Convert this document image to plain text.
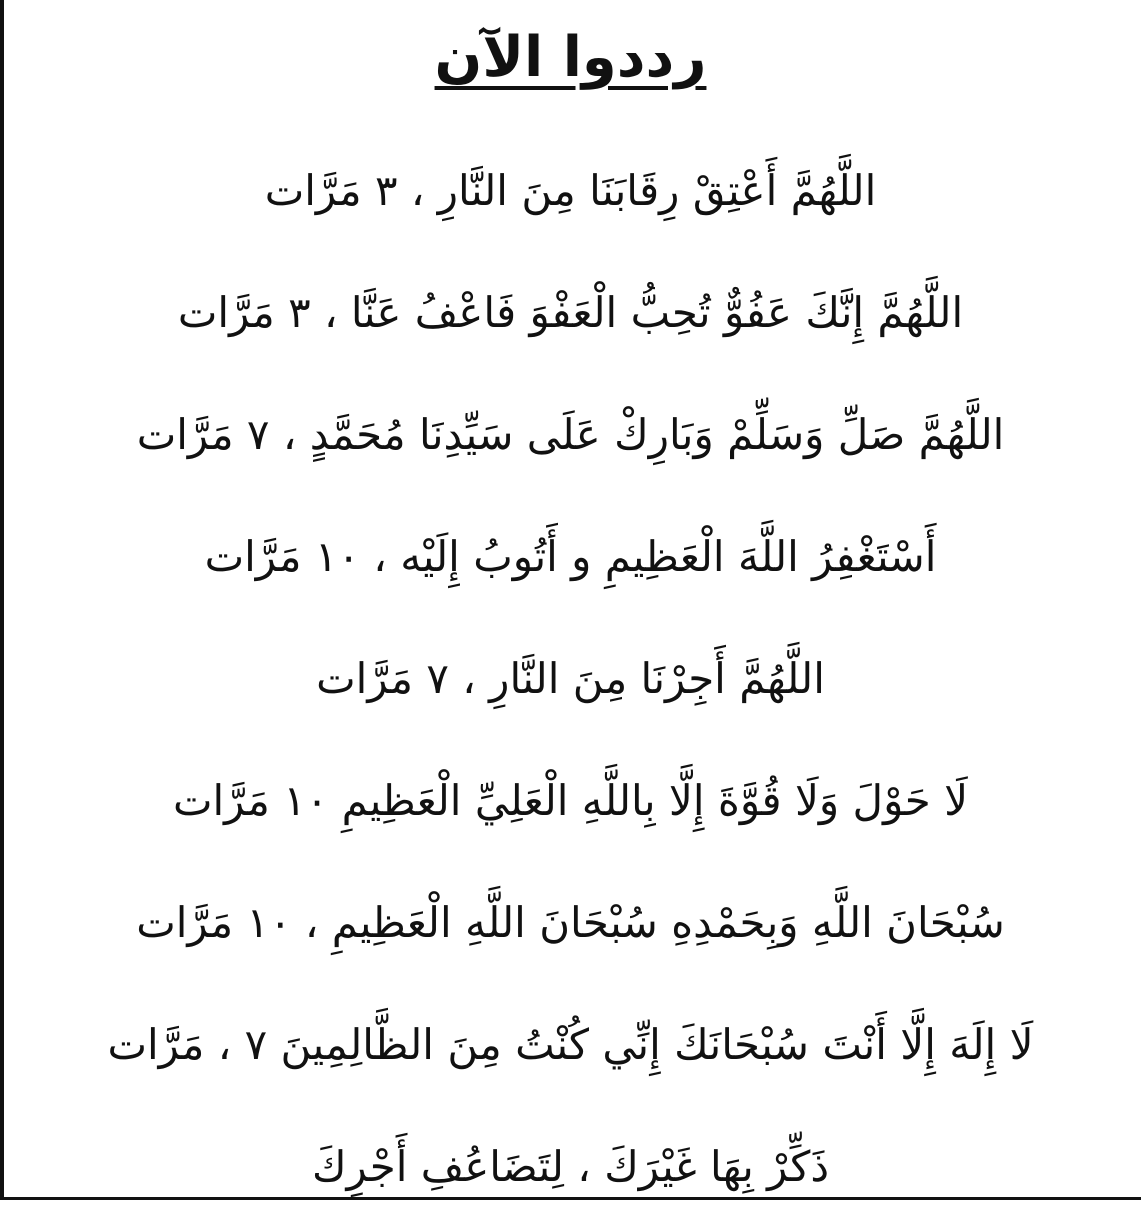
رددوا الآن
اللَّهُمَّ أَعْتِقْ رِقَابَنَا مِنَ النَّارِ ، ٣ مَرَّات
اللَّهُمَّ إِنَّكَ عَفُوٌّ تُحِبُّ الْعَفْوَ فَاعْفُ عَنَّا ، ٣ مَرَّات
اللَّهُمَّ صَلِّ وَسَلِّمْ وَبَارِكْ عَلَى سَيِّدِنَا مُحَمَّدٍ ، ٧ مَرَّات
أَسْتَغْفِرُ اللَّهَ الْعَظِيمِ و أَتُوبُ إِلَيْه ، ١٠ مَرَّات
اللَّهُمَّ أَجِرْنَا مِنَ النَّارِ ، ٧ مَرَّات
لَا حَوْلَ وَلَا قُوَّةَ إِلَّا بِاللَّهِ الْعَلِيِّ الْعَظِيمِ ١٠ مَرَّات
سُبْحَانَ اللَّهِ وَبِحَمْدِهِ سُبْحَانَ اللَّهِ الْعَظِيمِ ، ١٠ مَرَّات
لَا إِلَهَ إِلَّا أَنْتَ سُبْحَانَكَ إِنِّي كُنْتُ مِنَ الظَّالِمِينَ ٧ ، مَرَّات
ذَكِّرْ بِهَا غَيْرَكَ ، لِتَضَاعُفِ أَجْرِكَ
